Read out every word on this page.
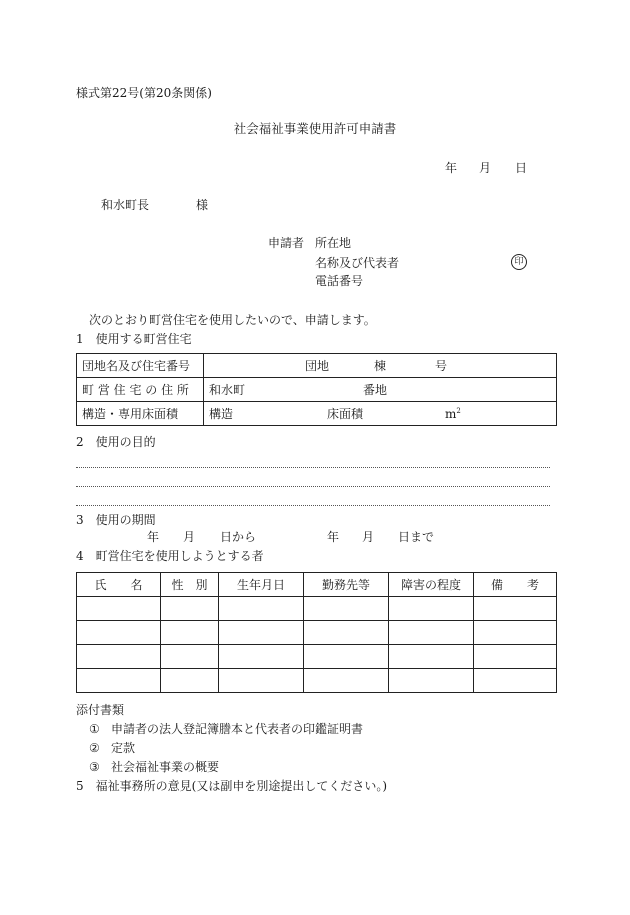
様式第22号(第20条関係)
社会福祉事業使用許可申請書
年 月 日
和水町長	様
申請者 所在地
名称及び代表者
電話番号
印
次のとおり町営住宅を使用したいので、申請します。
1　使用する町営住宅
団地名及び住宅番号	団地 棟 号

町 営 住 宅 の 住 所	和水町 番地

構造・専用床面積	構造 床面積 $m^2$
2　使用の目的
3　使用の期間
年 月 日から	年 月 日まで
4　町営住宅を使用しようとする者
氏　　名	性　別	生年月日	勤務先等	障害の程度	備　　考

添付書類
① 申請者の法人登記簿謄本と代表者の印鑑証明書
② 定款
③ 社会福祉事業の概要
5　福祉事務所の意見(又は副申を別途提出してください。)
